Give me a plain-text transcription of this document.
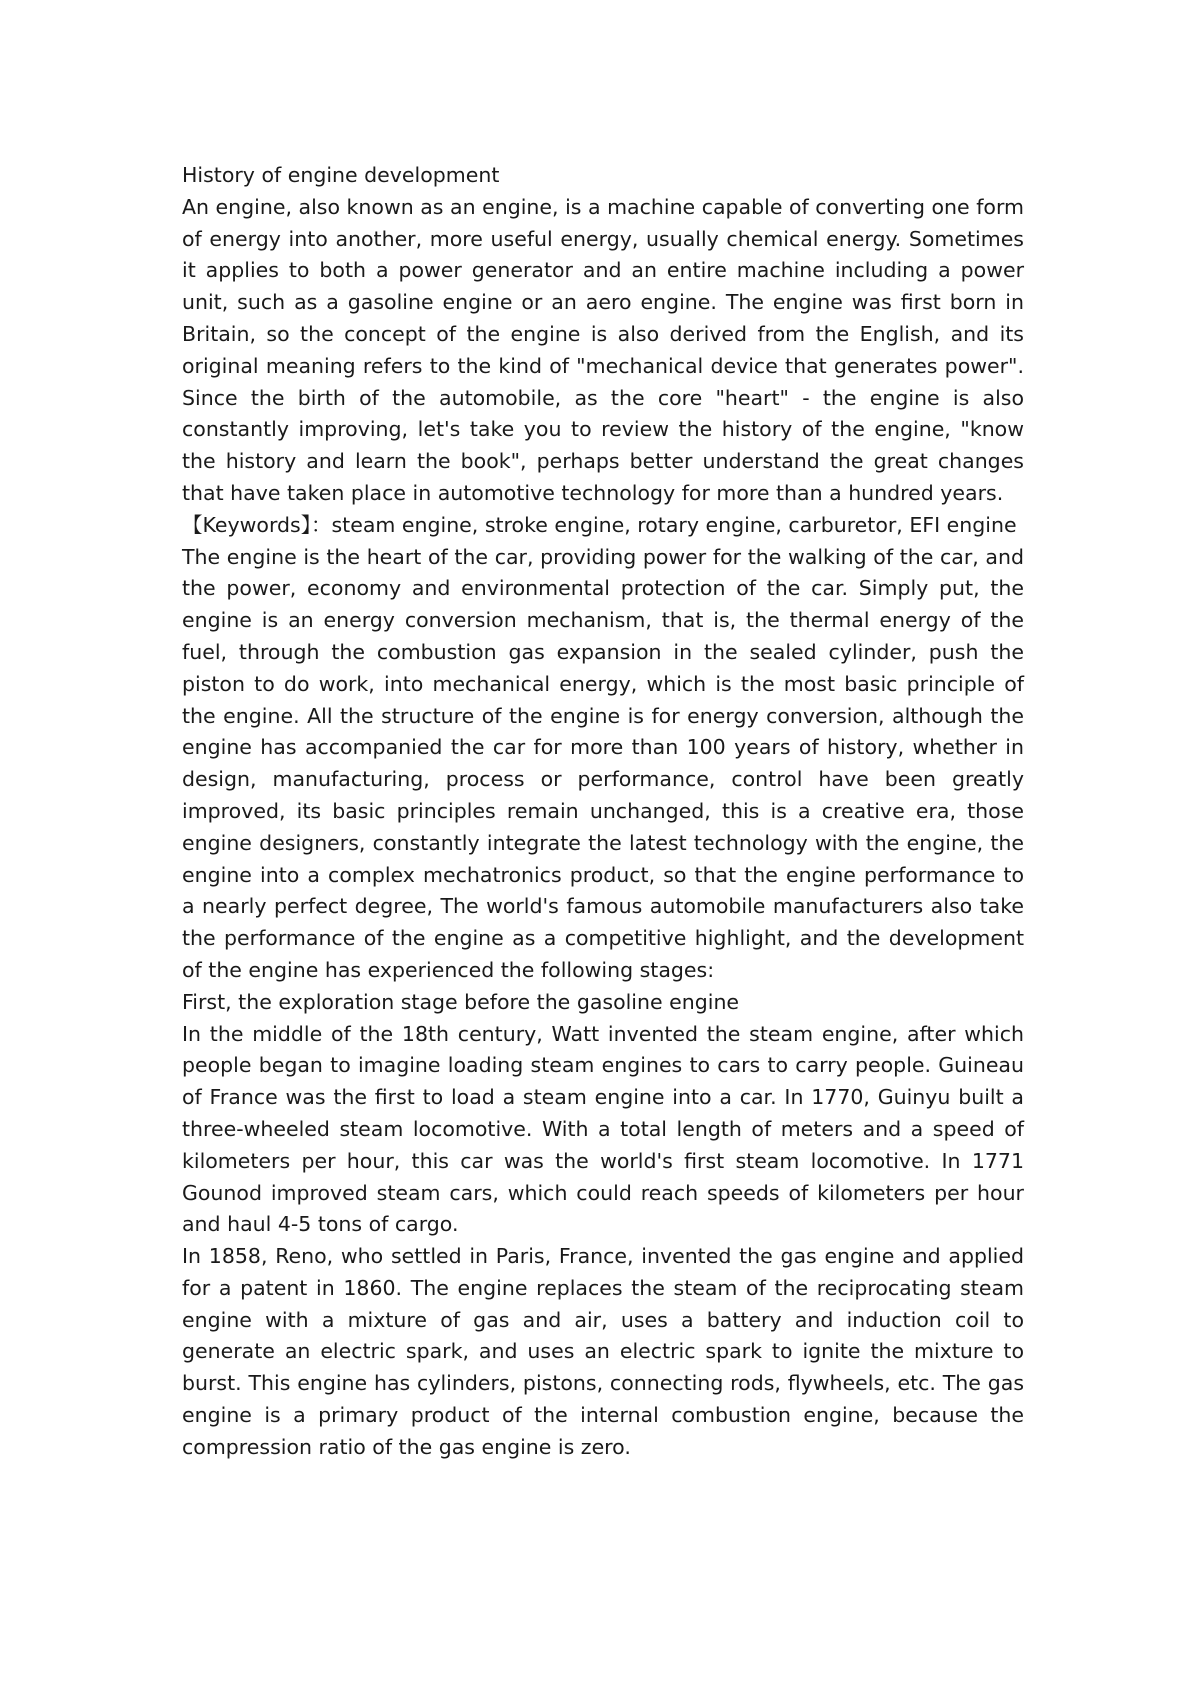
History of engine development

An engine, also known as an engine, is a machine capable of converting one form of energy into another, more useful energy, usually chemical energy. Sometimes it applies to both a power generator and an entire machine including a power unit, such as a gasoline engine or an aero engine. The engine was first born in Britain, so the concept of the engine is also derived from the English, and its original meaning refers to the kind of "mechanical device that generates power". Since the birth of the automobile, as the core "heart" - the engine is also constantly improving, let's take you to review the history of the engine, "know the history and learn the book", perhaps better understand the great changes that have taken place in automotive technology for more than a hundred years.

【Keywords】：steam engine, stroke engine, rotary engine, carburetor, EFI engine

The engine is the heart of the car, providing power for the walking of the car, and the power, economy and environmental protection of the car. Simply put, the engine is an energy conversion mechanism, that is, the thermal energy of the fuel, through the combustion gas expansion in the sealed cylinder, push the piston to do work, into mechanical energy, which is the most basic principle of the engine. All the structure of the engine is for energy conversion, although the engine has accompanied the car for more than 100 years of history, whether in design, manufacturing, process or performance, control have been greatly improved, its basic principles remain unchanged, this is a creative era, those engine designers, constantly integrate the latest technology with the engine, the engine into a complex mechatronics product, so that the engine performance to a nearly perfect degree, The world's famous automobile manufacturers also take the performance of the engine as a competitive highlight, and the development of the engine has experienced the following stages:

First, the exploration stage before the gasoline engine

In the middle of the 18th century, Watt invented the steam engine, after which people began to imagine loading steam engines to cars to carry people. Guineau of France was the first to load a steam engine into a car. In 1770, Guinyu built a three-wheeled steam locomotive. With a total length of meters and a speed of kilometers per hour, this car was the world's first steam locomotive. In 1771 Gounod improved steam cars, which could reach speeds of kilometers per hour and haul 4-5 tons of cargo.

In 1858, Reno, who settled in Paris, France, invented the gas engine and applied for a patent in 1860. The engine replaces the steam of the reciprocating steam engine with a mixture of gas and air, uses a battery and induction coil to generate an electric spark, and uses an electric spark to ignite the mixture to burst. This engine has cylinders, pistons, connecting rods, flywheels, etc. The gas engine is a primary product of the internal combustion engine, because the compression ratio of the gas engine is zero.
